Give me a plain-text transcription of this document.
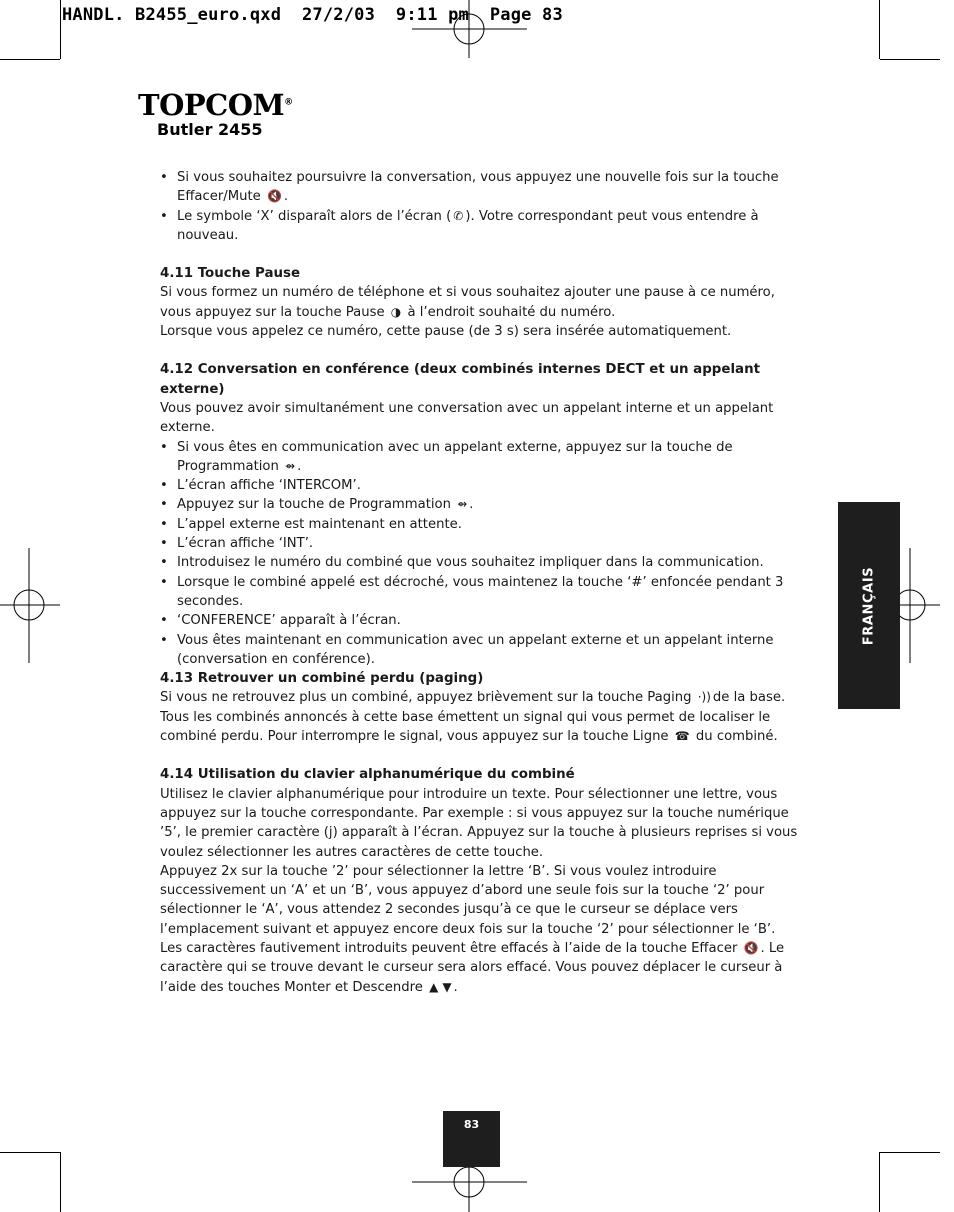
HANDL. B2455_euro.qxd  27/2/03  9:11 pm  Page 83
TOPCOM®
Butler 2455
• Si vous souhaitez poursuivre la conversation, vous appuyez une nouvelle fois sur la touche Effacer/Mute 🔇 .
• Le symbole ‘X’ disparaît alors de l’écran ( ✆ ). Votre correspondant peut vous entendre à nouveau.
4.11 Touche Pause

Si vous formez un numéro de téléphone et si vous souhaitez ajouter une pause à ce numéro, vous appuyez sur la touche Pause ◑ à l’endroit souhaité du numéro.

Lorsque vous appelez ce numéro, cette pause (de 3 s) sera insérée automatiquement.

4.12 Conversation en conférence (deux combinés internes DECT et un appelant externe)

Vous pouvez avoir simultanément une conversation avec un appelant interne et un appelant externe.

• Si vous êtes en communication avec un appelant externe, appuyez sur la touche de Programmation ⇴ .
• L’écran affiche ‘INTERCOM’.
• Appuyez sur la touche de Programmation ⇴ .
• L’appel externe est maintenant en attente.
• L’écran affiche ‘INT’.
• Introduisez le numéro du combiné que vous souhaitez impliquer dans la communication.
• Lorsque le combiné appelé est décroché, vous maintenez la touche ‘#’ enfoncée pendant 3 secondes.
• ‘CONFERENCE’ apparaît à l’écran.
• Vous êtes maintenant en communication avec un appelant externe et un appelant interne (conversation en conférence).
4.13 Retrouver un combiné perdu (paging)

Si vous ne retrouvez plus un combiné, appuyez brièvement sur la touche Paging ·)) de la base. Tous les combinés annoncés à cette base émettent un signal qui vous permet de localiser le combiné perdu. Pour interrompre le signal, vous appuyez sur la touche Ligne ☎ du combiné.

4.14 Utilisation du clavier alphanumérique du combiné

Utilisez le clavier alphanumérique pour introduire un texte. Pour sélectionner une lettre, vous appuyez sur la touche correspondante. Par exemple : si vous appuyez sur la touche numérique ’5’, le premier caractère (j) apparaît à l’écran. Appuyez sur la touche à plusieurs reprises si vous voulez sélectionner les autres caractères de cette touche.

Appuyez 2x sur la touche ’2’ pour sélectionner la lettre ‘B’. Si vous voulez introduire successivement un ‘A’ et un ‘B’, vous appuyez d’abord une seule fois sur la touche ‘2’ pour sélectionner le ‘A’, vous attendez 2 secondes jusqu’à ce que le curseur se déplace vers l’emplacement suivant et appuyez encore deux fois sur la touche ‘2’ pour sélectionner le ‘B’.

Les caractères fautivement introduits peuvent être effacés à l’aide de la touche Effacer 🔇 . Le caractère qui se trouve devant le curseur sera alors effacé. Vous pouvez déplacer le curseur à l’aide des touches Monter et Descendre ▲ ▼ .

FRANÇAIS
83
